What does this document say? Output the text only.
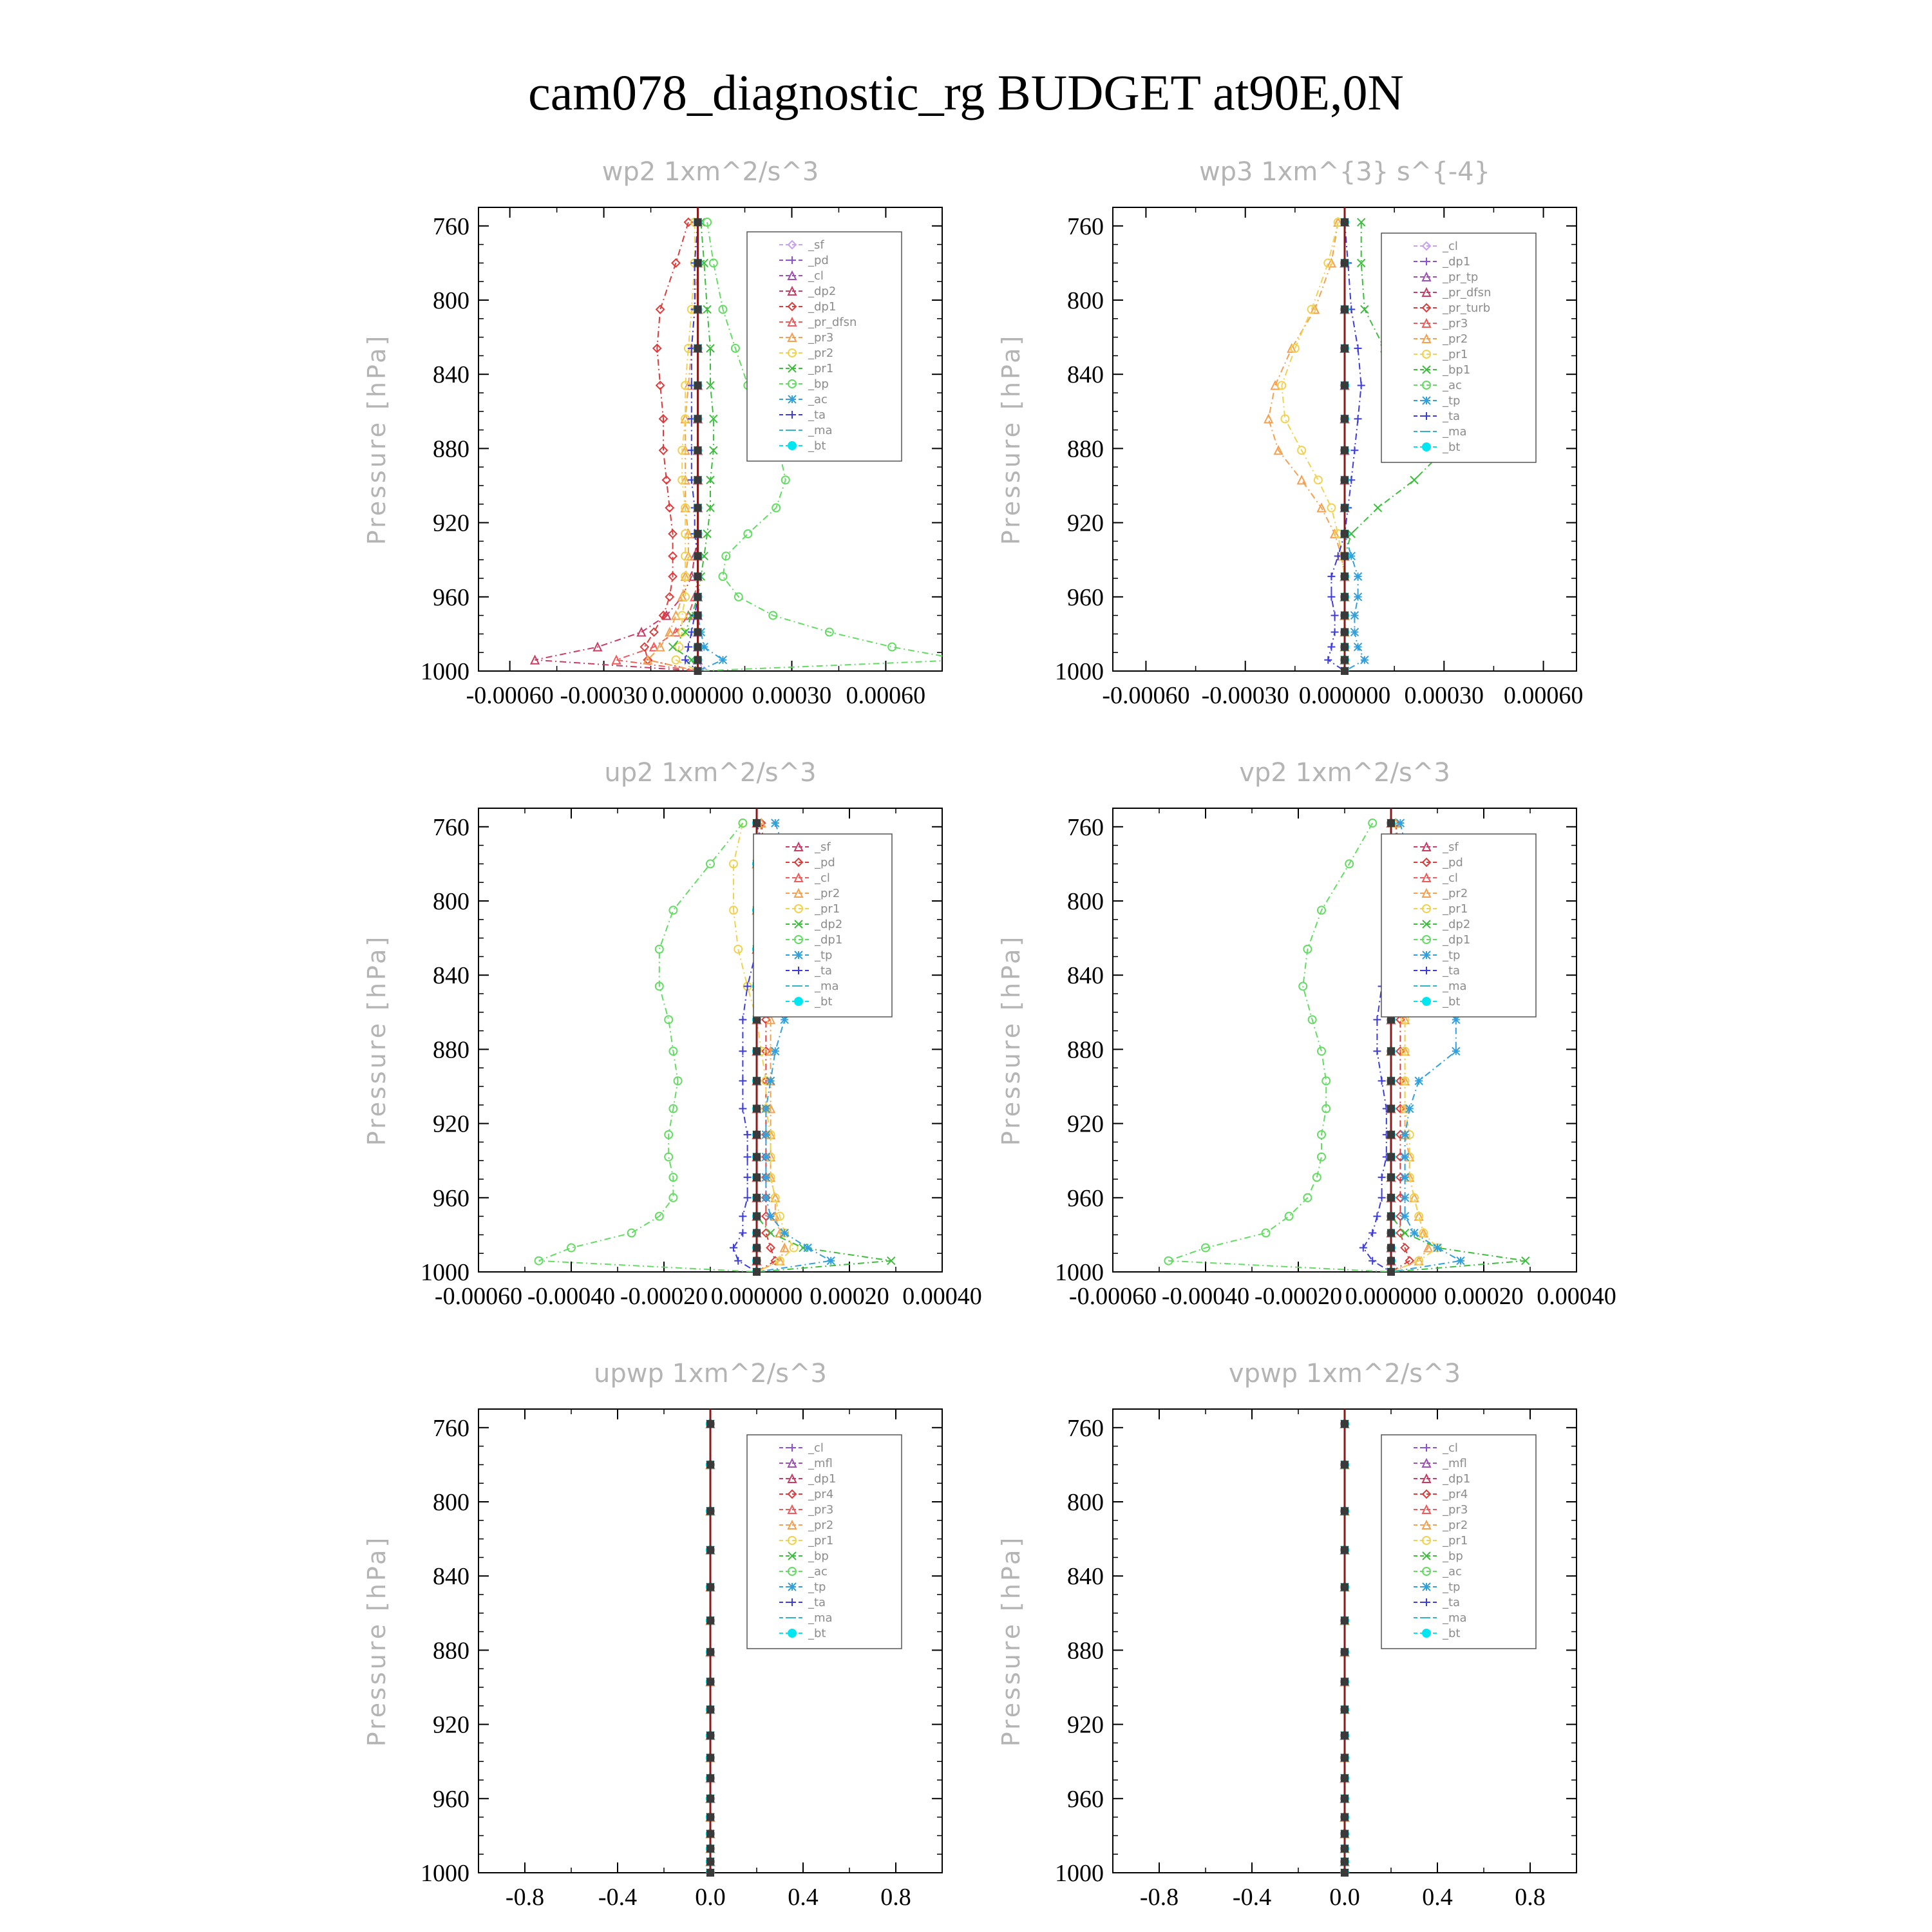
cam078_diagnostic_rg BUDGET at90E,0N
wp2 1xm^2/s^3
Pressure [hPa]
760
800
840
880
920
960
1000
-0.00060 -0.00030 0.000000 0.00030 0.00060
_sf
_pd
_cl
_dp2
_dp1
_pr_dfsn
_pr3
_pr2
_pr1
_bp
_ac
_ta
_ma
_bt
wp3 1xm^{3} s^{-4}
Pressure [hPa]
760
800
840
880
920
960
1000
-0.00060 -0.00030 0.000000 0.00030 0.00060
_cl
_dp1
_pr_tp
_pr_dfsn
_pr_turb
_pr3
_pr2
_pr1
_bp1
_ac
_tp
_ta
_ma
_bt
up2 1xm^2/s^3
Pressure [hPa]
760
800
840
880
920
960
1000
-0.00060 -0.00040 -0.00020 0.000000 0.00020 0.00040
_sf
_pd
_cl
_pr2
_pr1
_dp2
_dp1
_tp
_ta
_ma
_bt
vp2 1xm^2/s^3
Pressure [hPa]
760
800
840
880
920
960
1000
-0.00060 -0.00040 -0.00020 0.000000 0.00020 0.00040
_sf
_pd
_cl
_pr2
_pr1
_dp2
_dp1
_tp
_ta
_ma
_bt
upwp 1xm^2/s^3
Pressure [hPa]
760
800
840
880
920
960
1000
-0.8 -0.4 0.0	0.4	0.8
_cl
_mfl
_dp1
_pr4
_pr3
_pr2
_pr1
_bp
_ac
_tp
_ta
_ma
_bt
vpwp 1xm^2/s^3
Pressure [hPa]
760
800
840
880
920
960
1000
-0.8 -0.4 0.0	0.4	0.8
_cl
_mfl
_dp1
_pr4
_pr3
_pr2
_pr1
_bp
_ac
_tp
_ta
_ma
_bt
